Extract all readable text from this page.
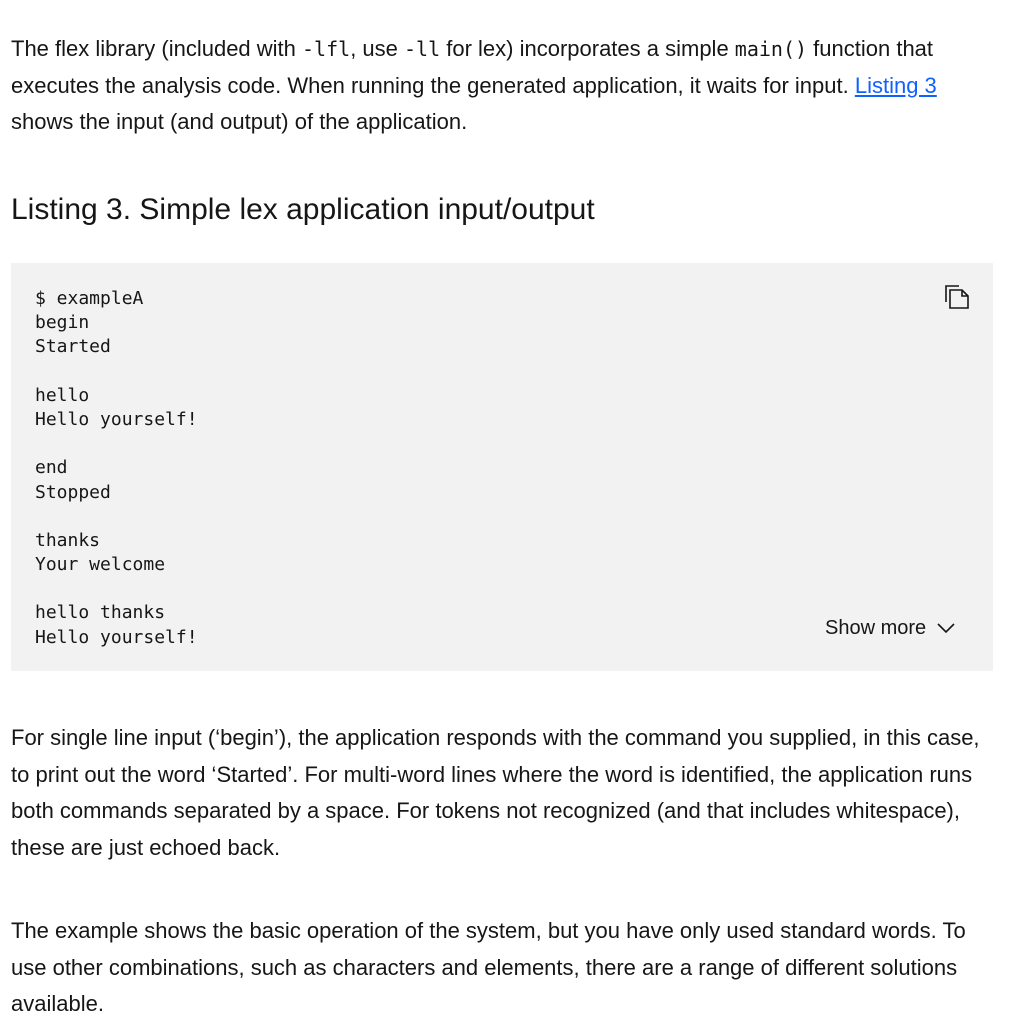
The flex library (included with -lfl, use -ll for lex) incorporates a simple main() function that executes the analysis code. When running the generated application, it waits for input. Listing 3 shows the input (and output) of the application.

Listing 3. Simple lex application input/output
$ exampleA
begin
Started
hello
Hello yourself!
end
Stopped
thanks
Your welcome
hello thanks
Hello yourself!	Show more

For single line input (‘begin’), the application responds with the command you supplied, in this case, to print out the word ‘Started’. For multi-word lines where the word is identified, the application runs both commands separated by a space. For tokens not recognized (and that includes whitespace), these are just echoed back.

The example shows the basic operation of the system, but you have only used standard words. To use other combinations, such as characters and elements, there are a range of different solutions available.
